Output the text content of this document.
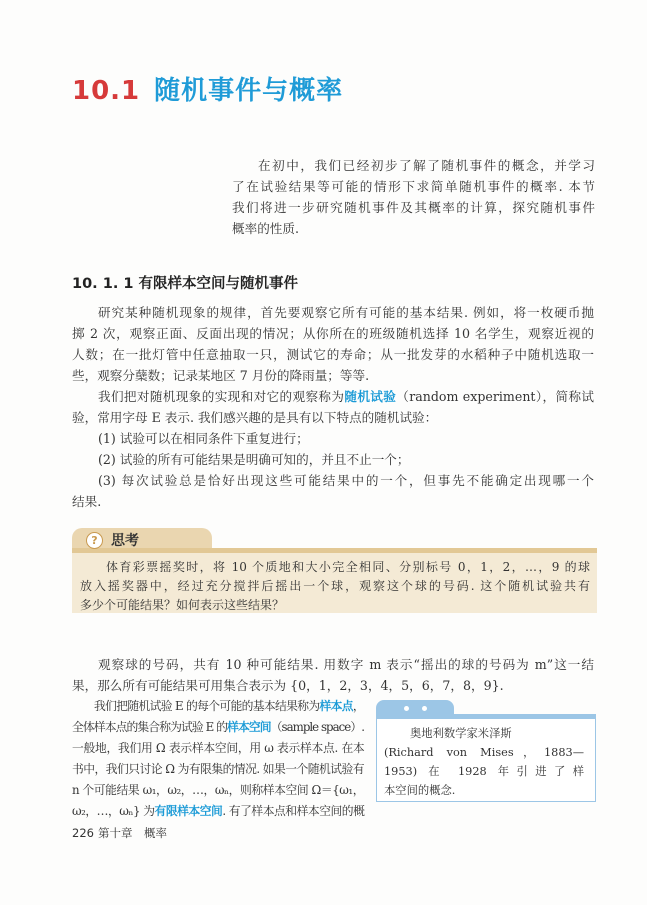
10.1 随机事件与概率
在初中，我们已经初步了解了随机事件的概念，并学习
了在试验结果等可能的情形下求简单随机事件的概率. 本节
我们将进一步研究随机事件及其概率的计算，探究随机事件
概率的性质.
10. 1. 1 有限样本空间与随机事件
研究某种随机现象的规律，首先要观察它所有可能的基本结果. 例如，将一枚硬币抛
掷 2 次，观察正面、反面出现的情况；从你所在的班级随机选择 10 名学生，观察近视的
人数；在一批灯管中任意抽取一只，测试它的寿命；从一批发芽的水稻种子中随机选取一
些，观察分蘖数；记录某地区 7 月份的降雨量；等等.
我们把对随机现象的实现和对它的观察称为随机试验（random experiment），简称试
验，常用字母 E 表示. 我们感兴趣的是具有以下特点的随机试验：
(1) 试验可以在相同条件下重复进行；
(2) 试验的所有可能结果是明确可知的，并且不止一个；
(3) 每次试验总是恰好出现这些可能结果中的一个，但事先不能确定出现哪一个
结果.
? 思考
体育彩票摇奖时，将 10 个质地和大小完全相同、分别标号 0，1，2，…，9 的球
放入摇奖器中，经过充分搅拌后摇出一个球，观察这个球的号码. 这个随机试验共有
多少个可能结果？如何表示这些结果？
观察球的号码，共有 10 种可能结果. 用数字 m 表示“摇出的球的号码为 m”这一结
果，那么所有可能结果可用集合表示为 {0，1，2，3，4，5，6，7，8，9}.
我们把随机试验 E 的每个可能的基本结果称为样本点，
全体样本点的集合称为试验 E 的样本空间（sample space）.
一般地，我们用 Ω 表示样本空间，用 ω 表示样本点. 在本
书中，我们只讨论 Ω 为有限集的情况. 如果一个随机试验有
n 个可能结果 ω₁，ω₂，…，ωₙ，则称样本空间 Ω＝{ω₁，
ω₂，…，ωₙ} 为有限样本空间. 有了样本点和样本空间的概
奥地利数学家米泽斯
(Richard von Mises，1883—
1953) 在 1928 年引进了样
本空间的概念.
226 第十章　概率
